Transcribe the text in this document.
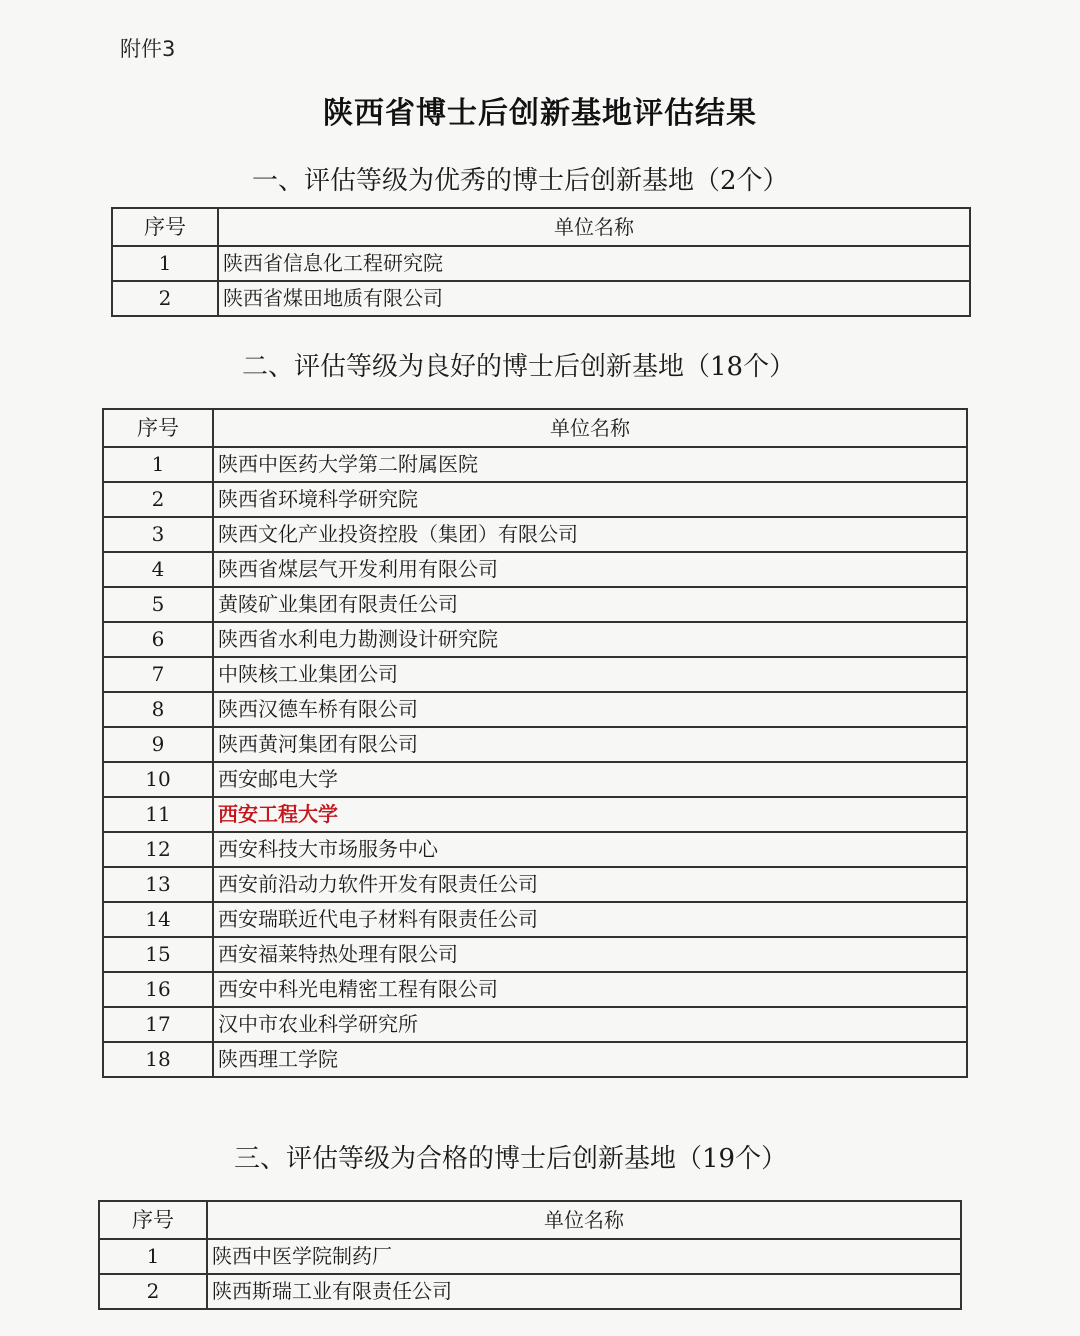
附件3
陕西省博士后创新基地评估结果
一、评估等级为优秀的博士后创新基地（2个）
序号	单位名称
1	陕西省信息化工程研究院
2	陕西省煤田地质有限公司
二、评估等级为良好的博士后创新基地（18个）
序号	单位名称
1	陕西中医药大学第二附属医院
2	陕西省环境科学研究院
3	陕西文化产业投资控股（集团）有限公司
4	陕西省煤层气开发利用有限公司
5	黄陵矿业集团有限责任公司
6	陕西省水利电力勘测设计研究院
7	中陕核工业集团公司
8	陕西汉德车桥有限公司
9	陕西黄河集团有限公司
10	西安邮电大学
11	西安工程大学
12	西安科技大市场服务中心
13	西安前沿动力软件开发有限责任公司
14	西安瑞联近代电子材料有限责任公司
15	西安福莱特热处理有限公司
16	西安中科光电精密工程有限公司
17	汉中市农业科学研究所
18	陕西理工学院
三、评估等级为合格的博士后创新基地（19个）
序号	单位名称
1	陕西中医学院制药厂
2	陕西斯瑞工业有限责任公司
